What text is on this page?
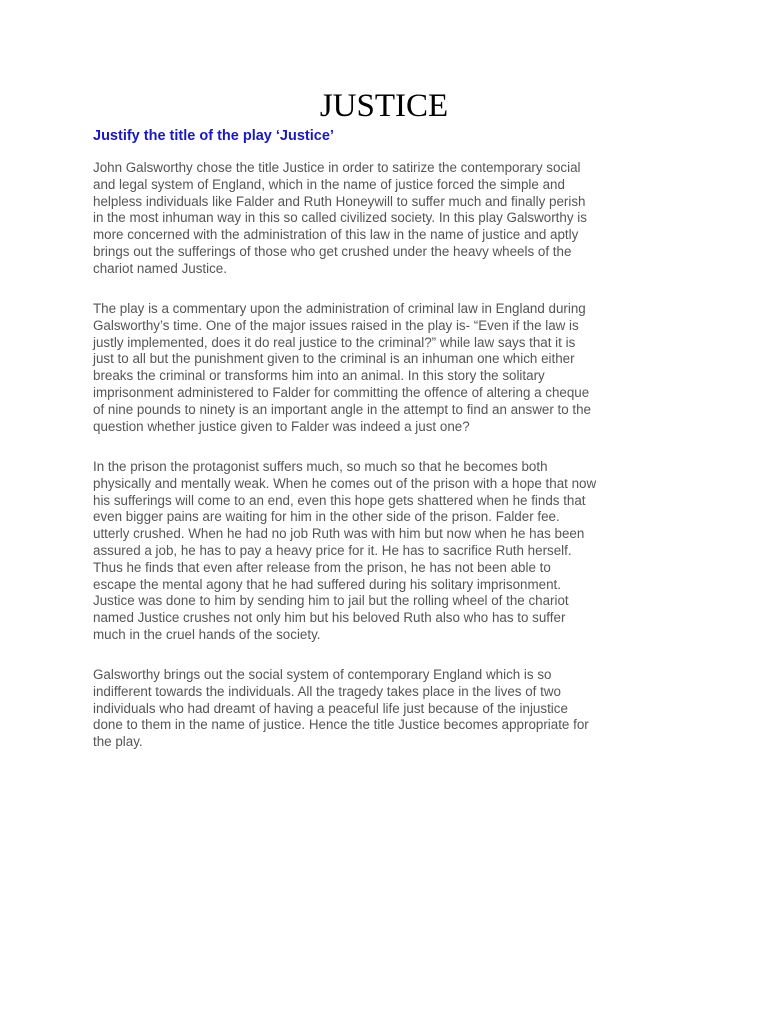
JUSTICE
Justify the title of the play ‘Justice’

John Galsworthy chose the title Justice in order to satirize the contemporary social
and legal system of England, which in the name of justice forced the simple and
helpless individuals like Falder and Ruth Honeywill to suffer much and finally perish
in the most inhuman way in this so called civilized society. In this play Galsworthy is
more concerned with the administration of this law in the name of justice and aptly
brings out the sufferings of those who get crushed under the heavy wheels of the
chariot named Justice.

The play is a commentary upon the administration of criminal law in England during
Galsworthy’s time. One of the major issues raised in the play is- “Even if the law is
justly implemented, does it do real justice to the criminal?” while law says that it is
just to all but the punishment given to the criminal is an inhuman one which either
breaks the criminal or transforms him into an animal. In this story the solitary
imprisonment administered to Falder for committing the offence of altering a cheque
of nine pounds to ninety is an important angle in the attempt to find an answer to the
question whether justice given to Falder was indeed a just one?

In the prison the protagonist suffers much, so much so that he becomes both
physically and mentally weak. When he comes out of the prison with a hope that now
his sufferings will come to an end, even this hope gets shattered when he finds that
even bigger pains are waiting for him in the other side of the prison. Falder fee.
utterly crushed. When he had no job Ruth was with him but now when he has been
assured a job, he has to pay a heavy price for it. He has to sacrifice Ruth herself.
Thus he finds that even after release from the prison, he has not been able to
escape the mental agony that he had suffered during his solitary imprisonment.
Justice was done to him by sending him to jail but the rolling wheel of the chariot
named Justice crushes not only him but his beloved Ruth also who has to suffer
much in the cruel hands of the society.

Galsworthy brings out the social system of contemporary England which is so
indifferent towards the individuals. All the tragedy takes place in the lives of two
individuals who had dreamt of having a peaceful life just because of the injustice
done to them in the name of justice. Hence the title Justice becomes appropriate for
the play.
